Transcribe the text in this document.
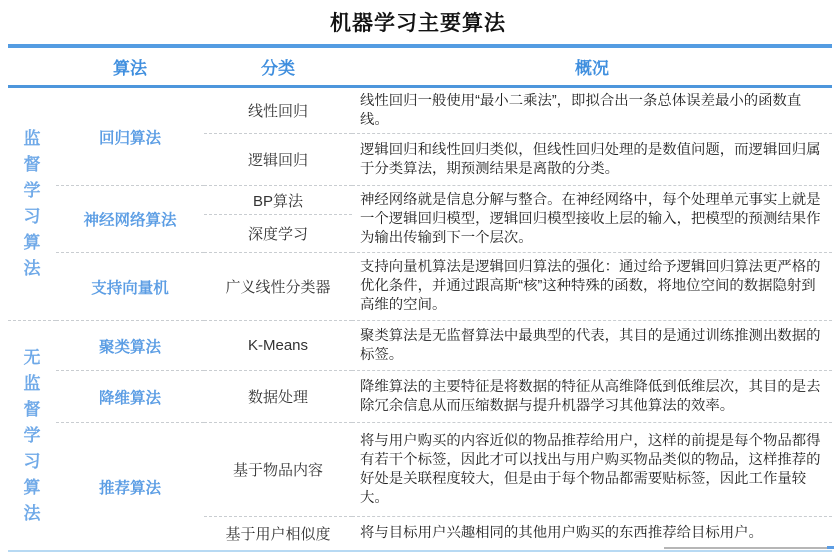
机器学习主要算法
	算法	分类	概况

监督学习算法	回归算法	线性回归	线性回归一般使用“最小二乘法”，即拟合出一条总体误差最小的函数直线。
		逻辑回归	逻辑回归和线性回归类似，但线性回归处理的是数值问题，而逻辑回归属于分类算法，期预测结果是离散的分类。
	神经网络算法	BP算法	神经网络就是信息分解与整合。在神经网络中，每个处理单元事实上就是一个逻辑回归模型，逻辑回归模型接收上层的输入，把模型的预测结果作为输出传输到下一个层次。
		深度学习	
	支持向量机	广义线性分类器	支持向量机算法是逻辑回归算法的强化：通过给予逻辑回归算法更严格的优化条件，并通过跟高斯“核”这种特殊的函数，将地位空间的数据隐射到高维的空间。

无监督学习算法	聚类算法	K-Means	聚类算法是无监督算法中最典型的代表，其目的是通过训练推测出数据的标签。
	降维算法	数据处理	降维算法的主要特征是将数据的特征从高维降低到低维层次，其目的是去除冗余信息从而压缩数据与提升机器学习其他算法的效率。
	推荐算法	基于物品内容	将与用户购买的内容近似的物品推荐给用户，这样的前提是每个物品都得有若干个标签，因此才可以找出与用户购买物品类似的物品，这样推荐的好处是关联程度较大，但是由于每个物品都需要贴标签，因此工作量较大。
		基于用户相似度	将与目标用户兴趣相同的其他用户购买的东西推荐给目标用户。
